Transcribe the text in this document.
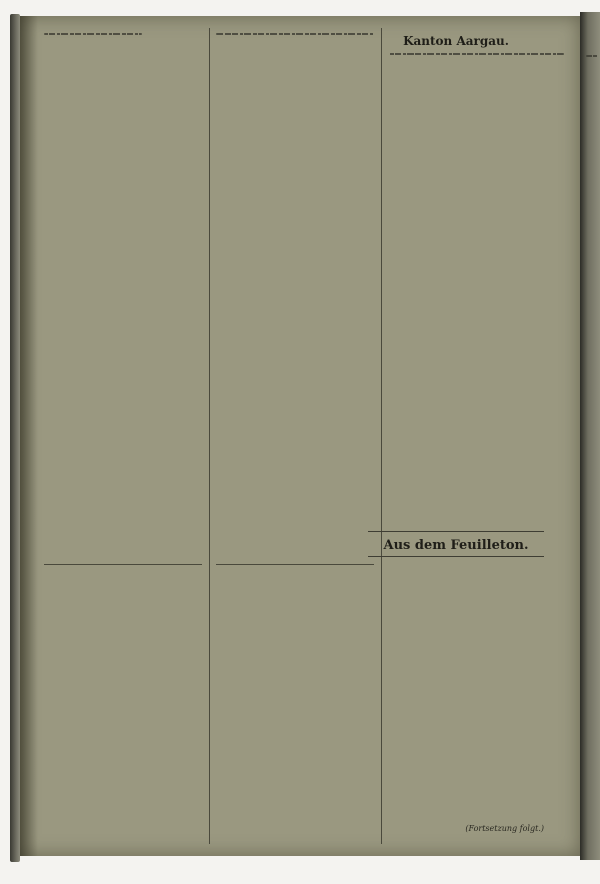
Kanton Aargau.
Aus dem Feuilleton.
(Fortsetzung folgt.)
